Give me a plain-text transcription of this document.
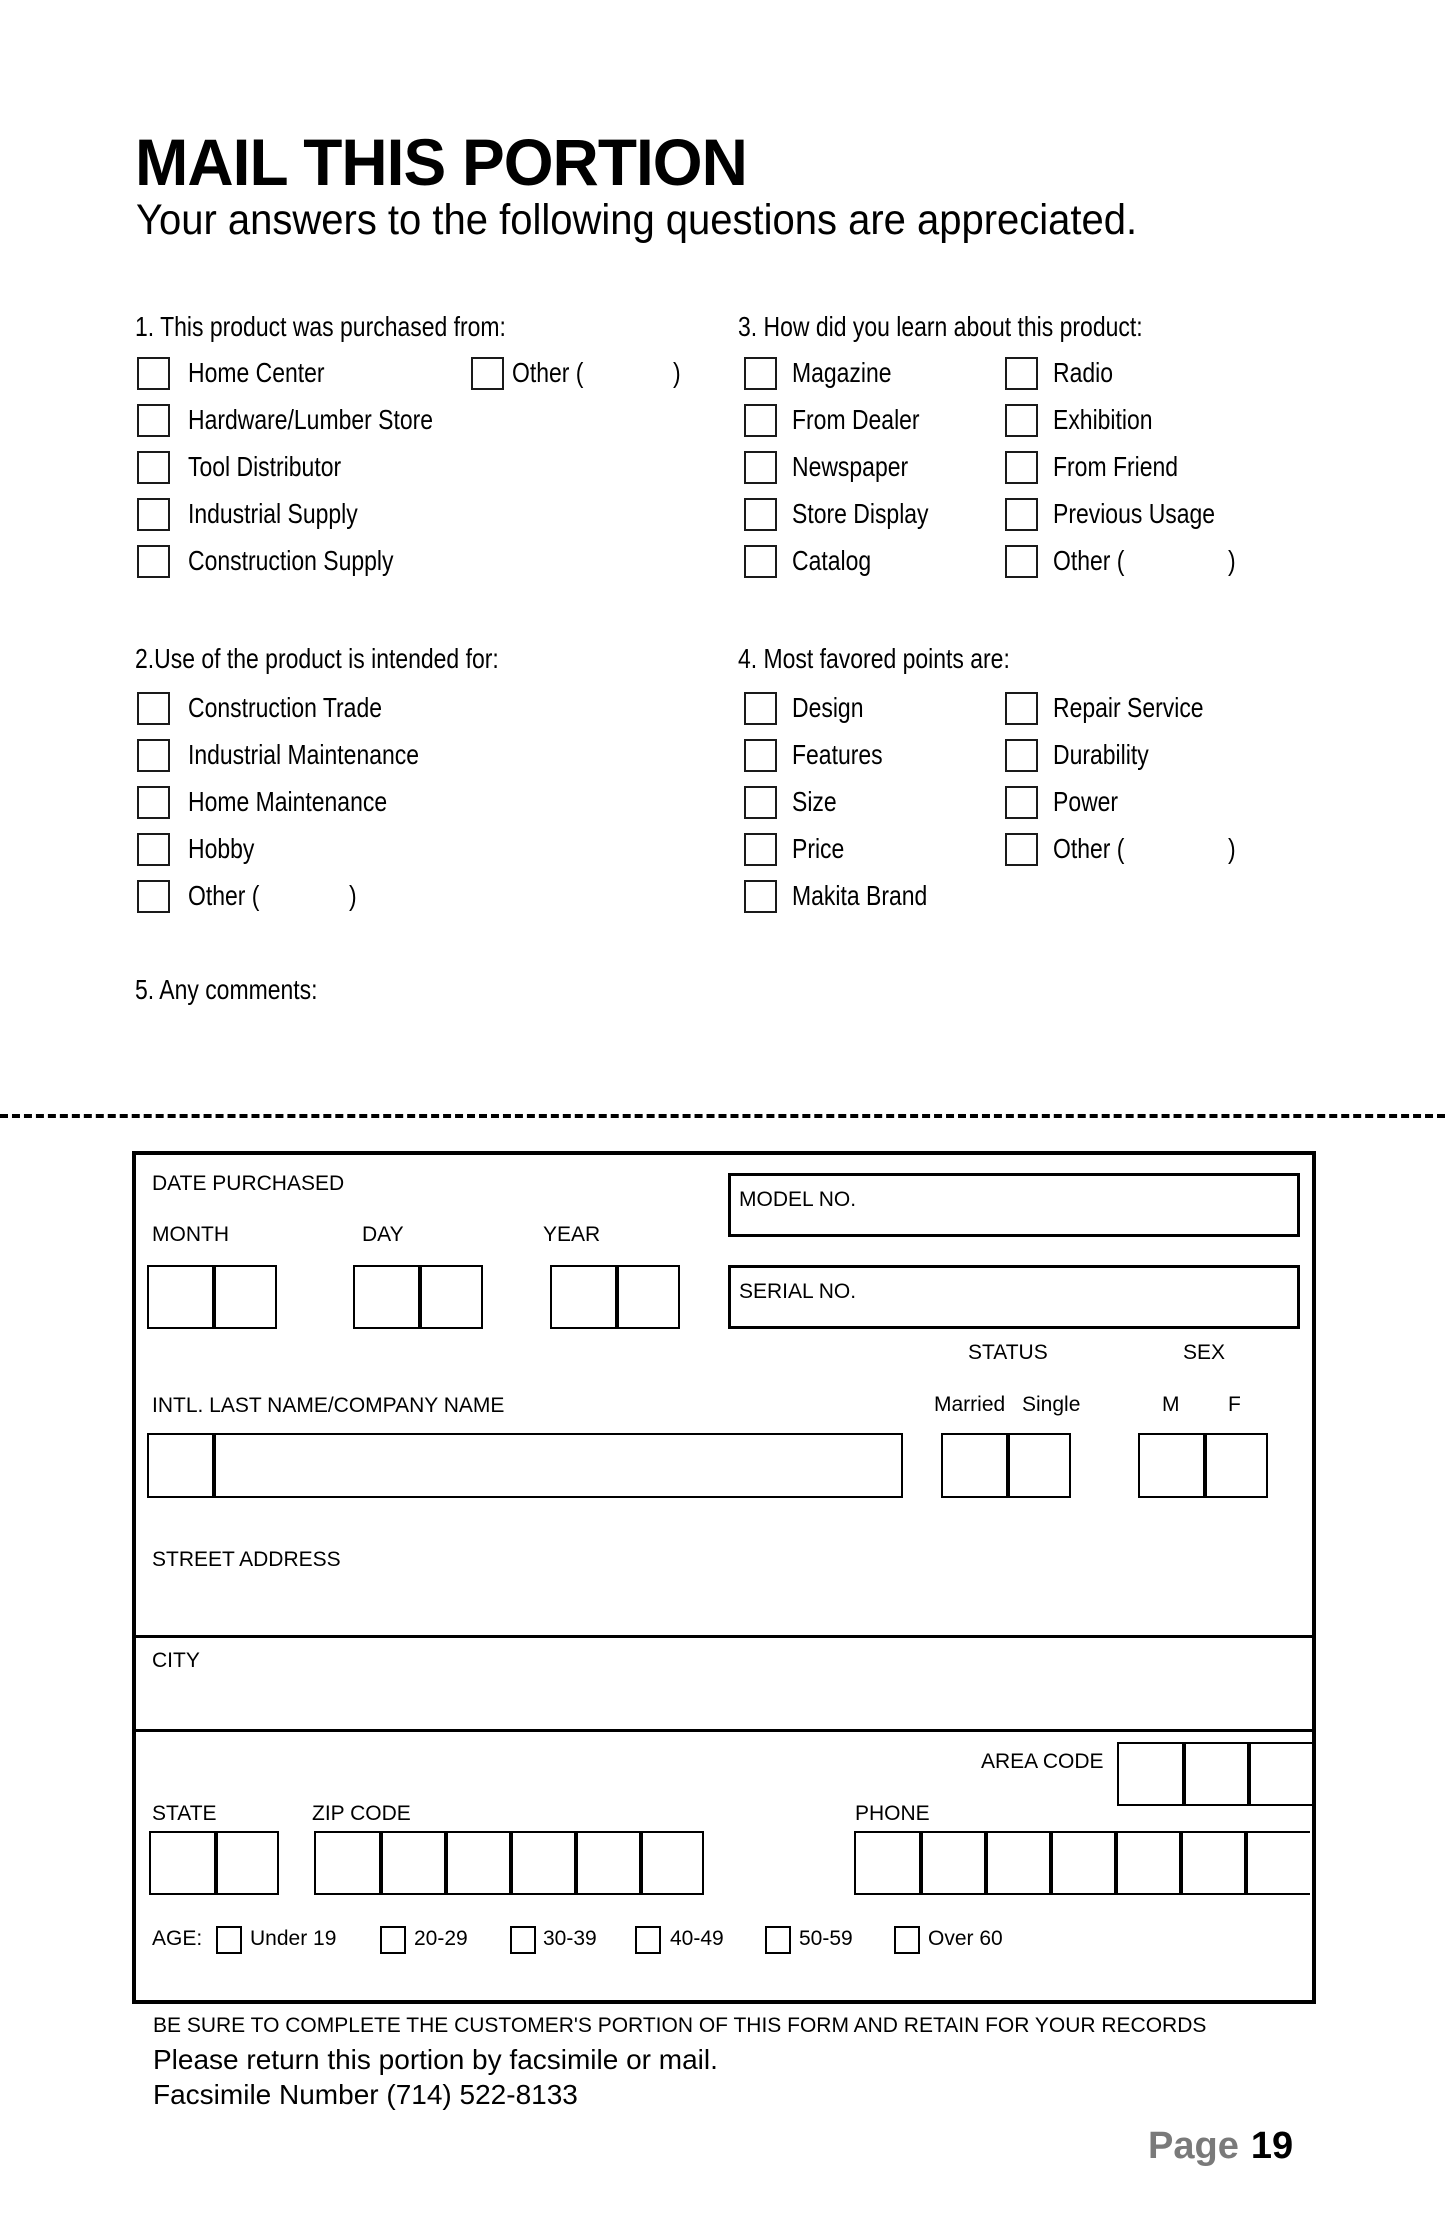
MAIL THIS PORTION
Your answers to the following questions are appreciated.
1. This product was purchased from:
Home Center
Hardware/Lumber Store
Tool Distributor
Industrial Supply
Construction Supply
Other (	)
2.Use of the product is intended for:
Construction Trade
Industrial Maintenance
Home Maintenance
Hobby
Other (	)
3. How did you learn about this product:
Magazine
From Dealer
Newspaper
Store Display
Catalog
Radio
Exhibition
From Friend
Previous Usage
Other (	)
4. Most favored points are:
Design
Features
Size
Price
Makita Brand
Repair Service
Durability
Power
Other (	)
5. Any comments:
DATE PURCHASED
MONTH	DAY	YEAR
MODEL NO.
SERIAL NO.
STATUS	SEX
Married Single	M F
INTL. LAST NAME/COMPANY NAME
STREET ADDRESS
CITY
AREA CODE
PHONE
STATE	ZIP CODE
AGE: Under 19	20-29	30-39	40-49	50-59	Over 60
BE SURE TO COMPLETE THE CUSTOMER'S PORTION OF THIS FORM AND RETAIN FOR YOUR RECORDS
Please return this portion by facsimile or mail.
Facsimile Number (714) 522-8133
Page 19
